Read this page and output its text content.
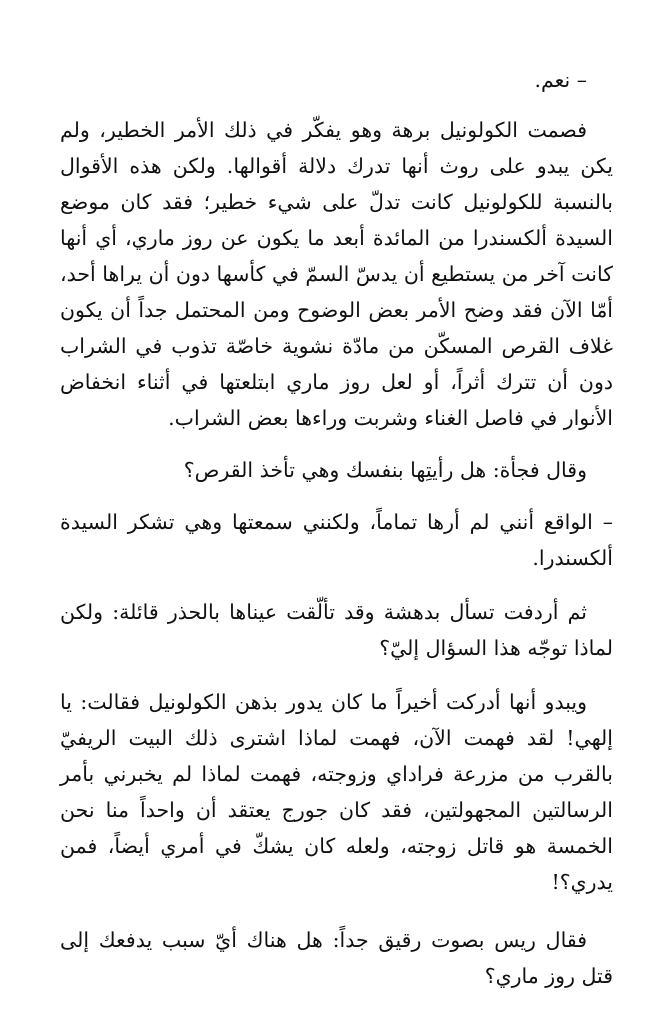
– نعم.

فصمت الكولونيل برهة وهو يفكّر في ذلك الأمر الخطير، ولم يكن يبدو على روث أنها تدرك دلالة أقوالها. ولكن هذه الأقوال بالنسبة للكولونيل كانت تدلّ على شيء خطير؛ فقد كان موضع السيدة ألكسندرا من المائدة أبعد ما يكون عن روز ماري، أي أنها كانت آخر من يستطيع أن يدسّ السمّ في كأسها دون أن يراها أحد، أمّا الآن فقد وضح الأمر بعض الوضوح ومن المحتمل جداً أن يكون غلاف القرص المسكّن من مادّة نشوية خاصّة تذوب في الشراب دون أن تترك أثراً، أو لعل روز ماري ابتلعتها في أثناء انخفاض الأنوار في فاصل الغناء وشربت وراءها بعض الشراب.

وقال فجأة: هل رأيتِها بنفسك وهي تأخذ القرص؟

– الواقع أنني لم أرها تماماً، ولكنني سمعتها وهي تشكر السيدة ألكسندرا.

ثم أردفت تسأل بدهشة وقد تألّقت عيناها بالحذر قائلة: ولكن لماذا توجّه هذا السؤال إليّ؟

ويبدو أنها أدركت أخيراً ما كان يدور بذهن الكولونيل فقالت: يا إلهي! لقد فهمت الآن، فهمت لماذا اشترى ذلك البيت الريفيّ بالقرب من مزرعة فراداي وزوجته، فهمت لماذا لم يخبرني بأمر الرسالتين المجهولتين، فقد كان جورج يعتقد أن واحداً منا نحن الخمسة هو قاتل زوجته، ولعله كان يشكّ في أمري أيضاً، فمن يدري؟!

فقال ريس بصوت رقيق جداً: هل هناك أيّ سبب يدفعك إلى قتل روز ماري؟
